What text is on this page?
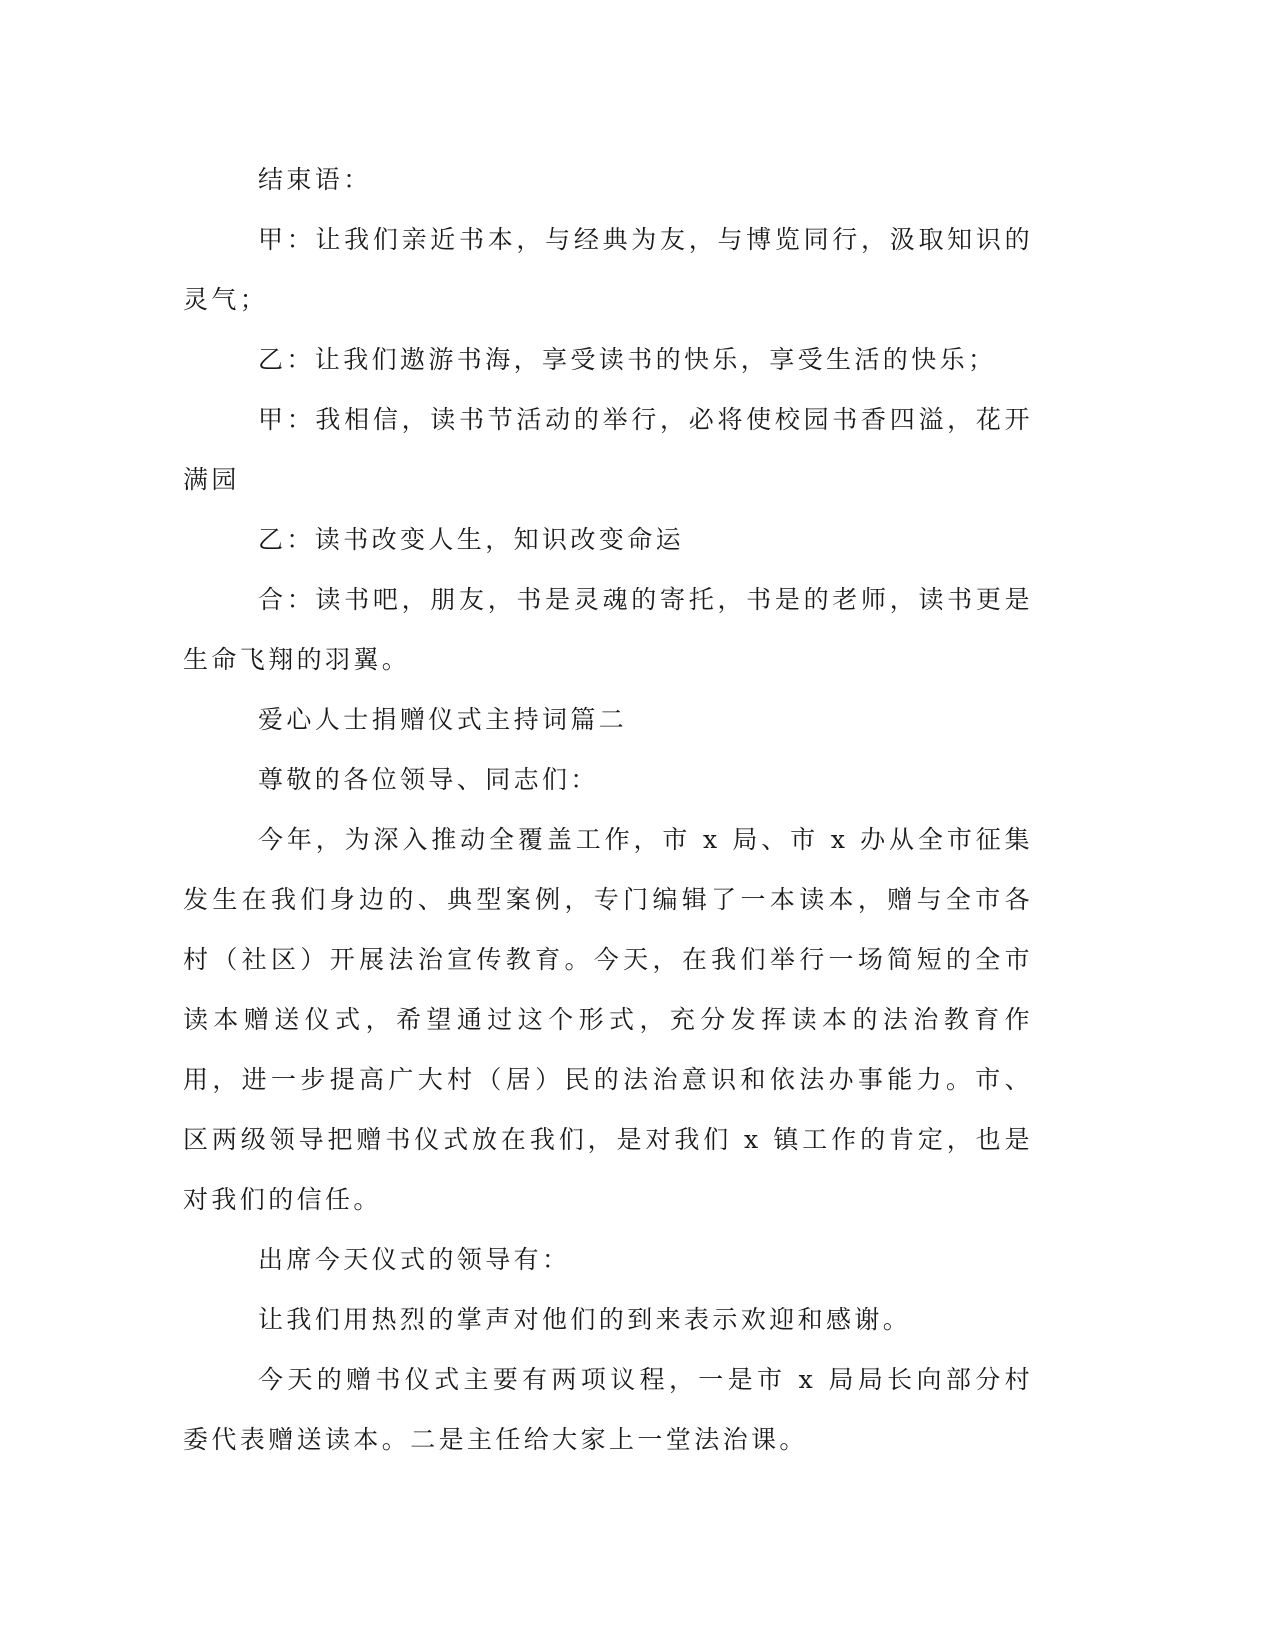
结束语：

甲：让我们亲近书本，与经典为友，与博览同行，汲取知识的灵气；

乙：让我们遨游书海，享受读书的快乐，享受生活的快乐；

甲：我相信，读书节活动的举行，必将使校园书香四溢，花开满园

乙：读书改变人生，知识改变命运

合：读书吧，朋友，书是灵魂的寄托，书是的老师，读书更是生命飞翔的羽翼。

爱心人士捐赠仪式主持词篇二

尊敬的各位领导、同志们：

今年，为深入推动全覆盖工作，市 x 局、市 x 办从全市征集发生在我们身边的、典型案例，专门编辑了一本读本，赠与全市各村（社区）开展法治宣传教育。今天，在我们举行一场简短的全市读本赠送仪式，希望通过这个形式，充分发挥读本的法治教育作用，进一步提高广大村（居）民的法治意识和依法办事能力。市、区两级领导把赠书仪式放在我们，是对我们 x 镇工作的肯定，也是对我们的信任。

出席今天仪式的领导有：

让我们用热烈的掌声对他们的到来表示欢迎和感谢。

今天的赠书仪式主要有两项议程，一是市 x 局局长向部分村委代表赠送读本。二是主任给大家上一堂法治课。
